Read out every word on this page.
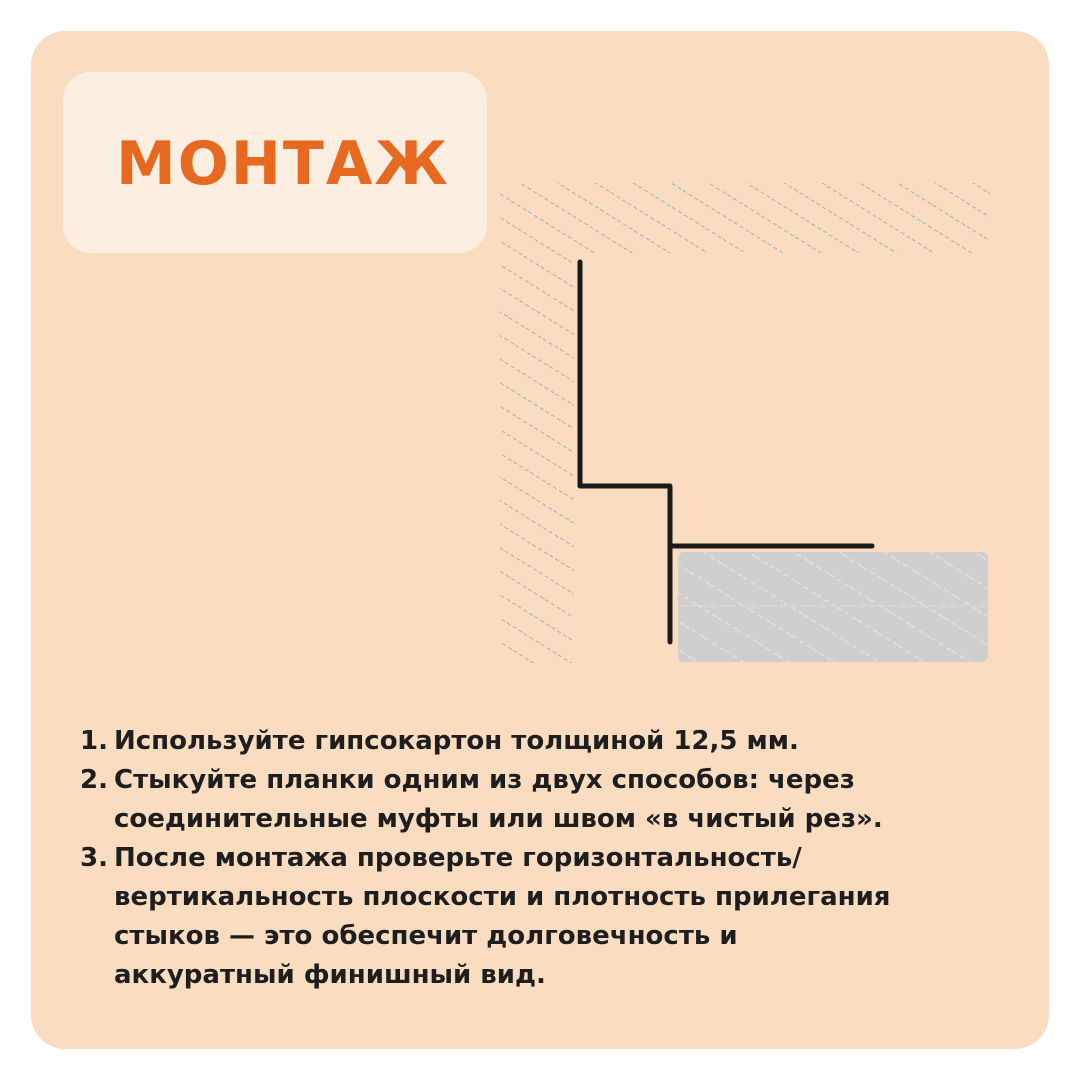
МОНТАЖ
1. Используйте гипсокартон толщиной 12,5 мм.
2. Стыкуйте планки одним из двух способов: через
соединительные муфты или швом «в чистый рез».
3. После монтажа проверьте горизонтальность/
вертикальность плоскости и плотность прилегания
стыков — это обеспечит долговечность и
аккуратный финишный вид.
